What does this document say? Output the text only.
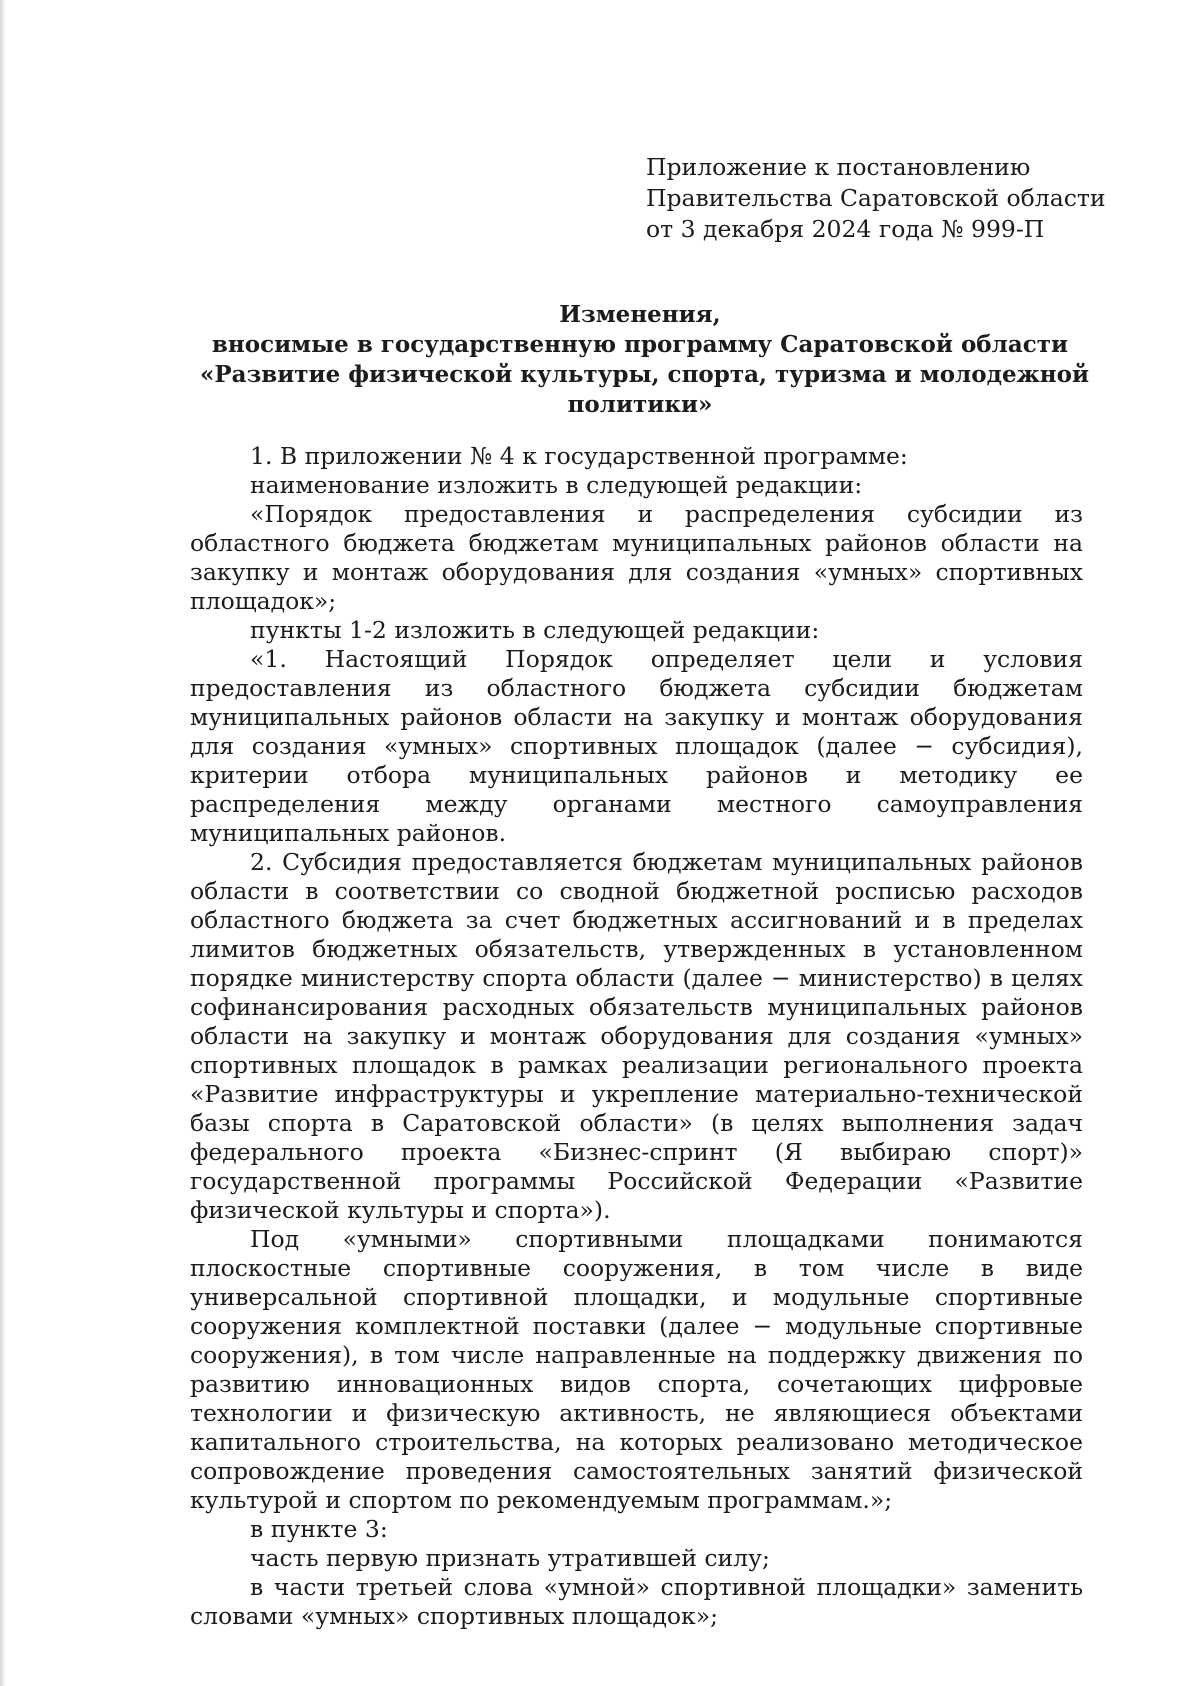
Приложение к постановлению
Правительства Саратовской области
от 3 декабря 2024 года № 999-П
Изменения,
вносимые в государственную программу Саратовской области
«Развитие физической культуры, спорта, туризма и молодежной
политики»

1. В приложении № 4 к государственной программе:

наименование изложить в следующей редакции:

«Порядок предоставления и распределения субсидии из областного бюджета бюджетам муниципальных районов области на закупку и монтаж оборудования для создания «умных» спортивных площадок»;

пункты 1-2 изложить в следующей редакции:

«1. Настоящий Порядок определяет цели и условия предоставления из областного бюджета субсидии бюджетам муниципальных районов области на закупку и монтаж оборудования для создания «умных» спортивных площадок (далее − субсидия), критерии отбора муниципальных районов и методику ее распределения между органами местного самоуправления муниципальных районов.

2. Субсидия предоставляется бюджетам муниципальных районов области в соответствии со сводной бюджетной росписью расходов областного бюджета за счет бюджетных ассигнований и в пределах лимитов бюджетных обязательств, утвержденных в установленном порядке министерству спорта области (далее − министерство) в целях софинансирования расходных обязательств муниципальных районов области на закупку и монтаж оборудования для создания «умных» спортивных площадок в рамках реализации регионального проекта «Развитие инфраструктуры и укрепление материально-технической базы спорта в Саратовской области» (в целях выполнения задач федерального проекта «Бизнес-спринт (Я выбираю спорт)» государственной программы Российской Федерации «Развитие физической культуры и спорта»).

Под «умными» спортивными площадками понимаются плоскостные спортивные сооружения, в том числе в виде универсальной спортивной площадки, и модульные спортивные сооружения комплектной поставки (далее − модульные спортивные сооружения), в том числе направленные на поддержку движения по развитию инновационных видов спорта, сочетающих цифровые технологии и физическую активность, не являющиеся объектами капитального строительства, на которых реализовано методическое сопровождение проведения самостоятельных занятий физической культурой и спортом по рекомендуемым программам.»;

в пункте 3:

часть первую признать утратившей силу;

в части третьей слова «умной» спортивной площадки» заменить словами «умных» спортивных площадок»;
